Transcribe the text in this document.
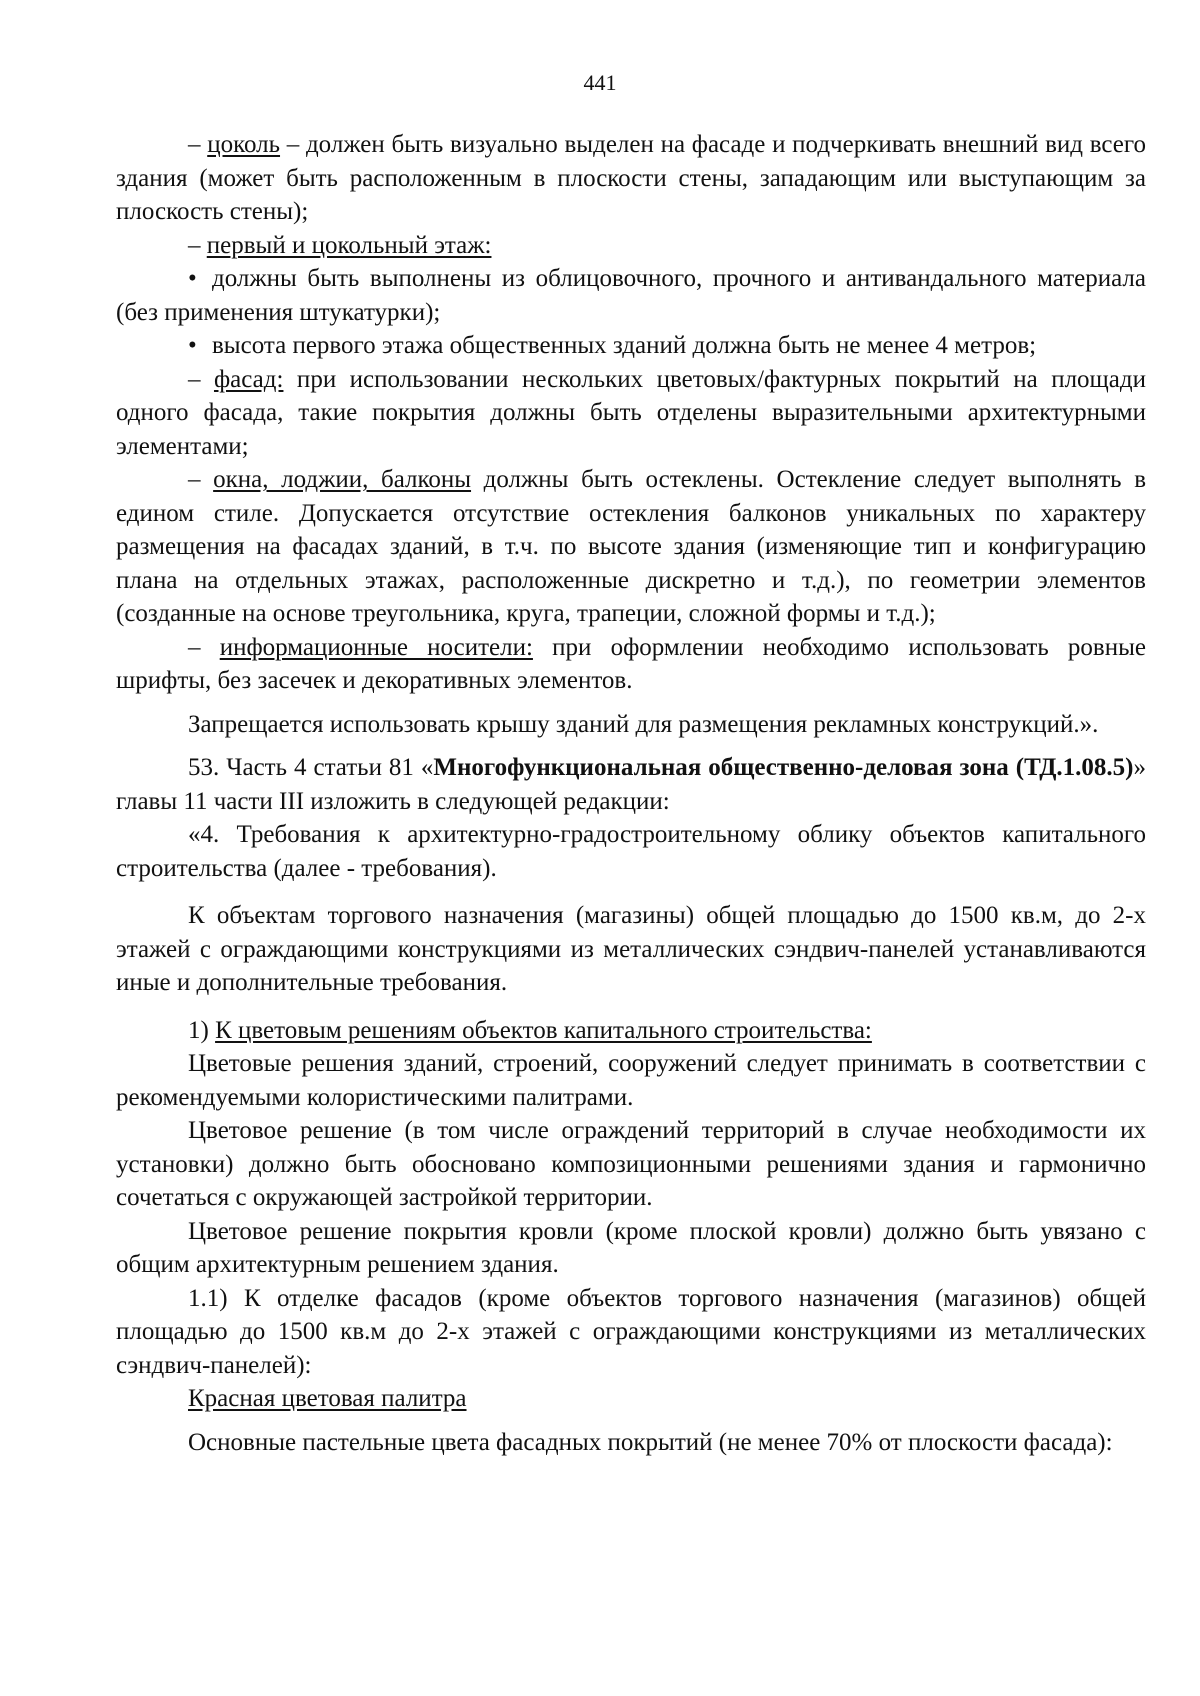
441

– цоколь – должен быть визуально выделен на фасаде и подчеркивать внешний вид всего здания (может быть расположенным в плоскости стены, западающим или выступающим за плоскость стены);

– первый и цокольный этаж:

• должны быть выполнены из облицовочного, прочного и антивандального материала (без применения штукатурки);

• высота первого этажа общественных зданий должна быть не менее 4 метров;

– фасад: при использовании нескольких цветовых/фактурных покрытий на площади одного фасада, такие покрытия должны быть отделены выразительными архитектурными элементами;

– окна, лоджии, балконы должны быть остеклены. Остекление следует выполнять в едином стиле. Допускается отсутствие остекления балконов уникальных по характеру размещения на фасадах зданий, в т.ч. по высоте здания (изменяющие тип и конфигурацию плана на отдельных этажах, расположенные дискретно и т.д.), по геометрии элементов (созданные на основе треугольника, круга, трапеции, сложной формы и т.д.);

– информационные носители: при оформлении необходимо использовать ровные шрифты, без засечек и декоративных элементов.

Запрещается использовать крышу зданий для размещения рекламных конструкций.».

53. Часть 4 статьи 81 «Многофункциональная общественно-деловая зона (ТД.1.08.5)» главы 11 части III изложить в следующей редакции:

«4. Требования к архитектурно-градостроительному облику объектов капитального строительства (далее - требования).

К объектам торгового назначения (магазины) общей площадью до 1500 кв.м, до 2-х этажей с ограждающими конструкциями из металлических сэндвич-панелей устанавливаются иные и дополнительные требования.

1) К цветовым решениям объектов капитального строительства:

Цветовые решения зданий, строений, сооружений следует принимать в соответствии с рекомендуемыми колористическими палитрами.

Цветовое решение (в том числе ограждений территорий в случае необходимости их установки) должно быть обосновано композиционными решениями здания и гармонично сочетаться с окружающей застройкой территории.

Цветовое решение покрытия кровли (кроме плоской кровли) должно быть увязано с общим архитектурным решением здания.

1.1) К отделке фасадов (кроме объектов торгового назначения (магазинов) общей площадью до 1500 кв.м до 2-х этажей с ограждающими конструкциями из металлических сэндвич-панелей):

Красная цветовая палитра

Основные пастельные цвета фасадных покрытий (не менее 70% от плоскости фасада):
